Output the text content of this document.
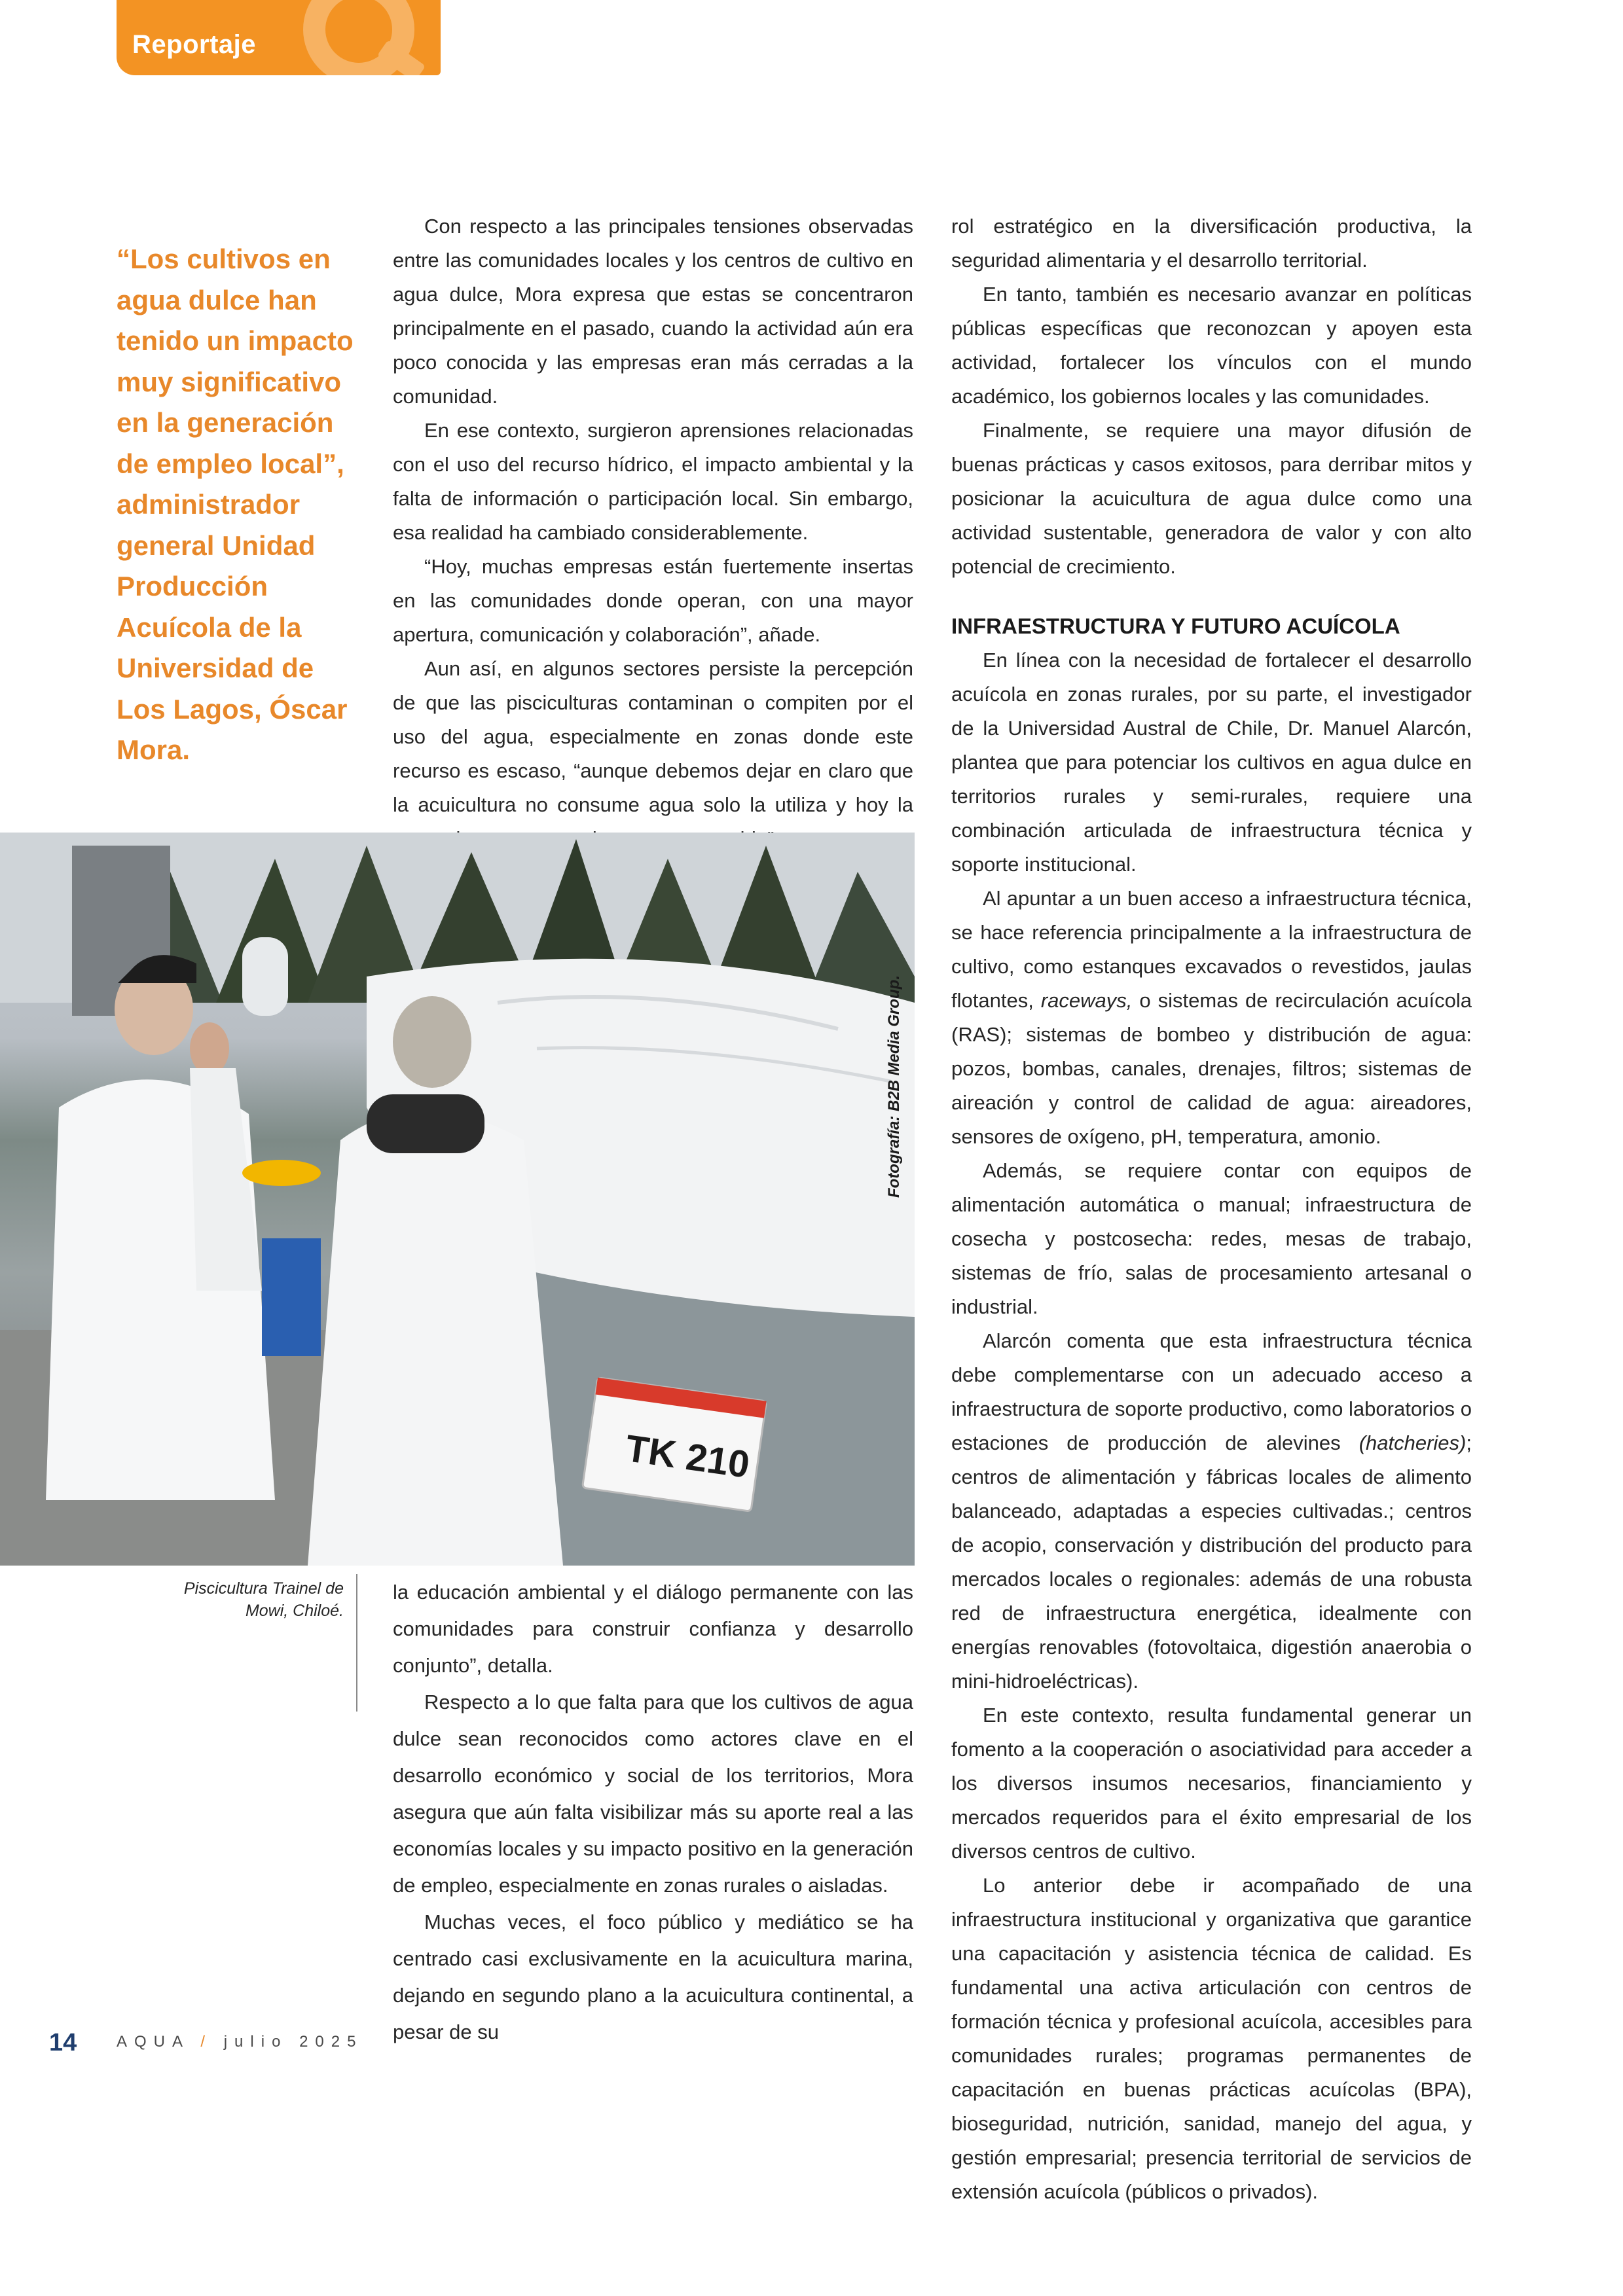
Reportaje

“Los cultivos en agua dulce han tenido un impacto muy significativo en la generación de empleo local”, administrador general Unidad Producción Acuícola de la Universidad de Los Lagos, Óscar Mora.

Con respecto a las principales tensiones observadas entre las comunidades locales y los centros de cultivo en agua dulce, Mora expresa que estas se concentraron principalmente en el pasado, cuando la actividad aún era poco conocida y las empresas eran más cerradas a la comunidad.

En ese contexto, surgieron aprensiones relacionadas con el uso del recurso hídrico, el impacto ambiental y la falta de información o participación local. Sin embargo, esa realidad ha cambiado considerablemente.

“Hoy, muchas empresas están fuertemente insertas en las comunidades donde operan, con una mayor apertura, comunicación y colaboración”, añade.

Aun así, en algunos sectores persiste la percepción de que las pisciculturas contaminan o compiten por el uso del agua, especialmente en zonas donde este recurso es escaso, “aunque debemos dejar en claro que la acuicultura no consume agua solo la utiliza y hoy la

TK 210
Fotografía: B2B Media Group.
Piscicultura Trainel de Mowi, Chiloé.

la educación ambiental y el diálogo permanente con las comunidades para construir confianza y desarrollo conjunto”, detalla.

Respecto a lo que falta para que los cultivos de agua dulce sean reconocidos como actores clave en el desarrollo económico y social de los territorios, Mora asegura que aún falta visibilizar más su aporte real a las economías locales y su impacto positivo en la generación de empleo, especialmente en zonas rurales o aisladas.

Muchas veces, el foco público y mediático se ha centrado casi exclusivamente en la acuicultura marina, dejando en segundo plano a la acuicultura continental, a pesar de su

rol estratégico en la diversificación productiva, la seguridad alimentaria y el desarrollo territorial.

En tanto, también es necesario avanzar en políticas públicas específicas que reconozcan y apoyen esta actividad, fortalecer los vínculos con el mundo académico, los gobiernos locales y las comunidades.

Finalmente, se requiere una mayor difusión de buenas prácticas y casos exitosos, para derribar mitos y posicionar la acuicultura de agua dulce como una actividad sustentable, generadora de valor y con alto potencial de crecimiento.

INFRAESTRUCTURA Y FUTURO ACUÍCOLA

En línea con la necesidad de fortalecer el desarrollo acuícola en zonas rurales, por su parte, el investigador de la Universidad Austral de Chile, Dr. Manuel Alarcón, plantea que para potenciar los cultivos en agua dulce en territorios rurales y semi-rurales, requiere una combinación articulada de infraestructura técnica y soporte institucional.

Al apuntar a un buen acceso a infraestructura técnica, se hace referencia principalmente a la infraestructura de cultivo, como estanques excavados o revestidos, jaulas flotantes, raceways, o sistemas de recirculación acuícola (RAS); sistemas de bombeo y distribución de agua: pozos, bombas, canales, drenajes, filtros; sistemas de aireación y control de calidad de agua: aireadores, sensores de oxígeno, pH, temperatura, amonio.

Además, se requiere contar con equipos de alimentación automática o manual; infraestructura de cosecha y postcosecha: redes, mesas de trabajo, sistemas de frío, salas de procesamiento artesanal o industrial.

Alarcón comenta que esta infraestructura técnica debe complementarse con un adecuado acceso a infraestructura de soporte productivo, como laboratorios o estaciones de producción de alevines (hatcheries); centros de alimentación y fábricas locales de alimento balanceado, adaptadas a especies cultivadas.; centros de acopio, conservación y distribución del producto para mercados locales o regionales: además de una robusta red de infraestructura energética, idealmente con energías renovables (fotovoltaica, digestión anaerobia o mini-hidroeléctricas).

En este contexto, resulta fundamental generar un fomento a la cooperación o asociatividad para acceder a los diversos insumos necesarios, financiamiento y mercados requeridos para el éxito empresarial de los diversos centros de cultivo.

Lo anterior debe ir acompañado de una infraestructura institucional y organizativa que garantice una capacitación y asistencia técnica de calidad. Es fundamental una activa articulación con centros de formación técnica y profesional acuícola, accesibles para comunidades rurales; programas permanentes de capacitación en buenas prácticas acuícolas (BPA), bioseguridad, nutrición, sanidad, manejo del agua, y gestión empresarial; presencia territorial de servicios de extensión acuícola (públicos o privados).

14	AQUA / julio 2025
